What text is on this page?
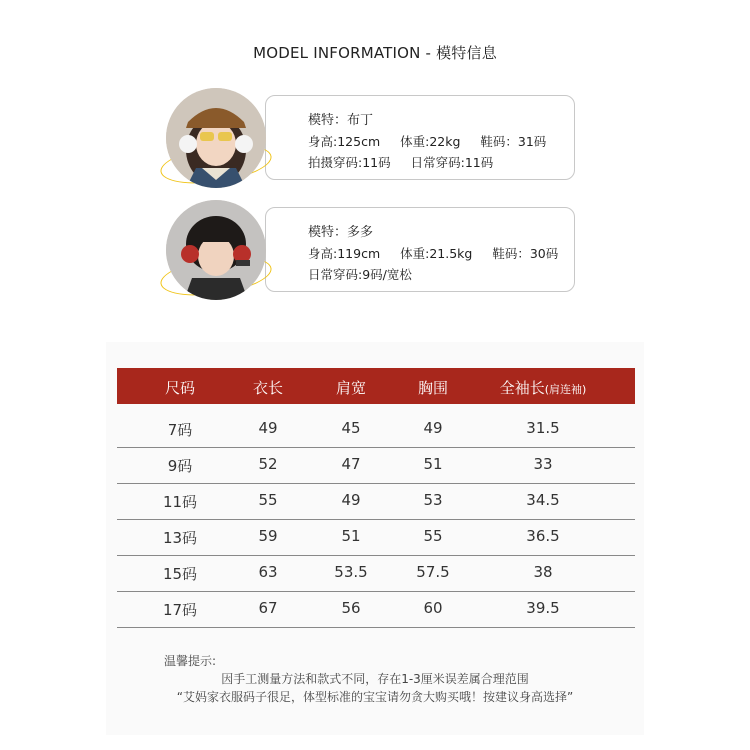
MODEL INFORMATION - 模特信息
模特：布丁
身高:125cm 体重:22kg 鞋码：31码
拍摄穿码:11码 日常穿码:11码
模特：多多
身高:119cm 体重:21.5kg 鞋码：30码
日常穿码:9码/宽松
尺码	衣长	肩宽	胸围	全袖长(肩连袖)
7码	49	45	49	31.5
9码	52	47	51	33
11码	55	49	53	34.5
13码	59	51	55	36.5
15码	63	53.5	57.5	38
17码	67	56	60	39.5
温馨提示:
因手工测量方法和款式不同，存在1-3厘米误差属合理范围
“艾妈家衣服码子很足，体型标准的宝宝请勿贪大购买哦！按建议身高选择”
